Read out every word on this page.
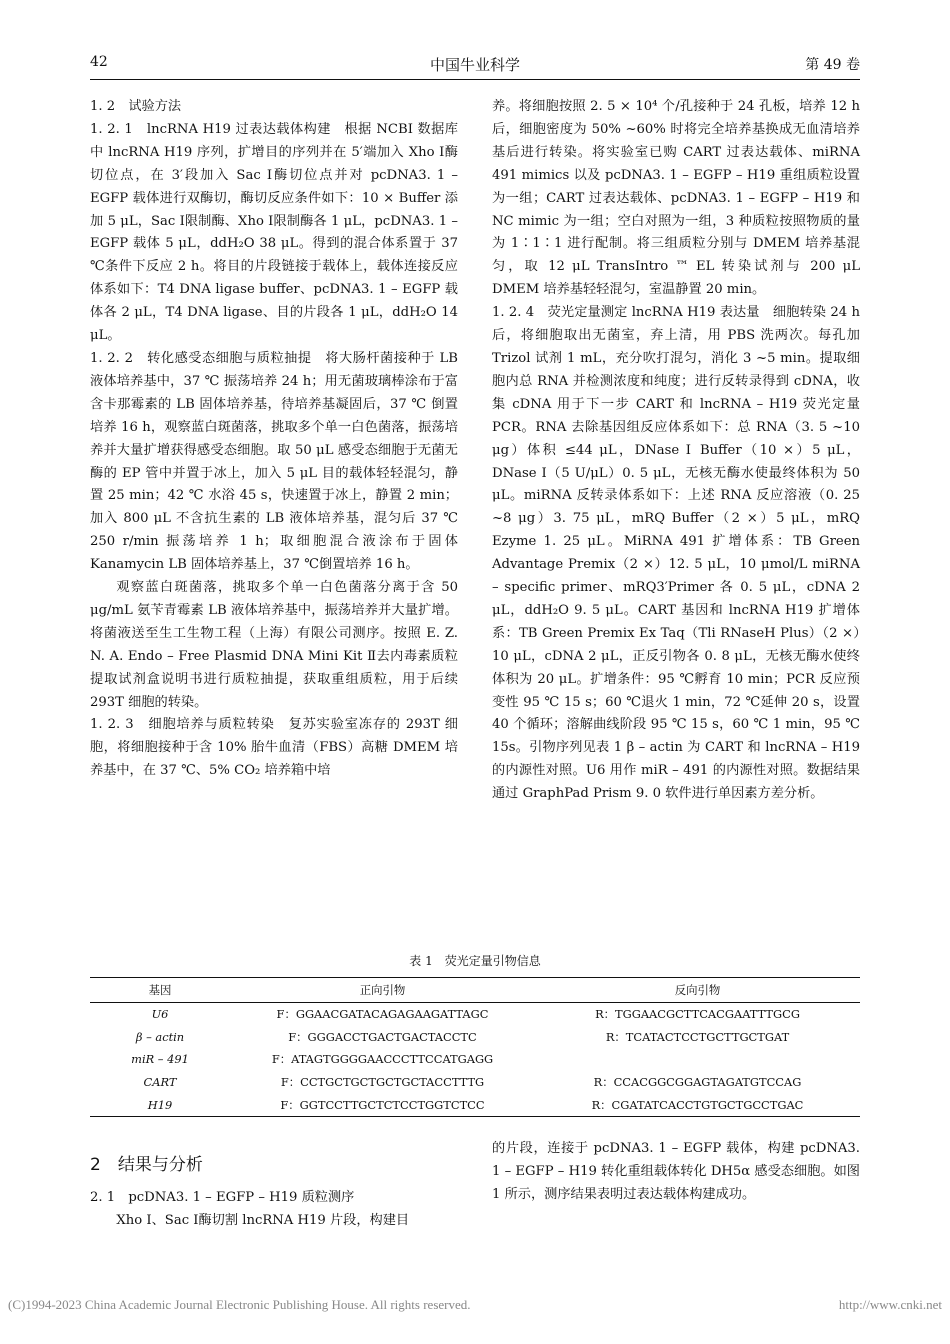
42	中国牛业科学	第 49 卷

1. 2　试验方法

1. 2. 1　lncRNA H19 过表达载体构建　根据 NCBI 数据库中 lncRNA H19 序列，扩增目的序列并在 5′端加入 Xho Ⅰ酶切位点，在 3′段加入 Sac Ⅰ酶切位点并对 pcDNA3. 1 – EGFP 载体进行双酶切，酶切反应条件如下：10 × Buffer 添加 5 μL，Sac Ⅰ限制酶、Xho Ⅰ限制酶各 1 μL，pcDNA3. 1 – EGFP 载体 5 μL，ddH₂O 38 μL。得到的混合体系置于 37 ℃条件下反应 2 h。将目的片段链接于载体上，载体连接反应体系如下：T4 DNA ligase buffer、pcDNA3. 1 – EGFP 载体各 2 μL，T4 DNA ligase、目的片段各 1 μL，ddH₂O 14 μL。

1. 2. 2　转化感受态细胞与质粒抽提　将大肠杆菌接种于 LB 液体培养基中，37 ℃ 振荡培养 24 h；用无菌玻璃棒涂布于富含卡那霉素的 LB 固体培养基，待培养基凝固后，37 ℃ 倒置培养 16 h，观察蓝白斑菌落，挑取多个单一白色菌落，振荡培养并大量扩增获得感受态细胞。取 50 μL 感受态细胞于无菌无酶的 EP 管中并置于冰上，加入 5 μL 目的载体轻轻混匀，静置 25 min；42 ℃ 水浴 45 s，快速置于冰上，静置 2 min；加入 800 μL 不含抗生素的 LB 液体培养基，混匀后 37 ℃ 250 r/min 振荡培养 1 h；取细胞混合液涂布于固体 Kanamycin LB 固体培养基上，37 ℃倒置培养 16 h。

观察蓝白斑菌落，挑取多个单一白色菌落分离于含 50 μg/mL 氨苄青霉素 LB 液体培养基中，振荡培养并大量扩增。将菌液送至生工生物工程（上海）有限公司测序。按照 E. Z. N. A. Endo – Free Plasmid DNA Mini Kit Ⅱ去内毒素质粒提取试剂盒说明书进行质粒抽提，获取重组质粒，用于后续 293T 细胞的转染。

1. 2. 3　细胞培养与质粒转染　复苏实验室冻存的 293T 细胞，将细胞接种于含 10% 胎牛血清（FBS）高糖 DMEM 培养基中，在 37 ℃、5% CO₂ 培养箱中培

养。将细胞按照 2. 5 × 10⁴ 个/孔接种于 24 孔板，培养 12 h 后，细胞密度为 50% ~60% 时将完全培养基换成无血清培养基后进行转染。将实验室已购 CART 过表达载体、miRNA 491 mimics 以及 pcDNA3. 1 – EGFP – H19 重组质粒设置为一组；CART 过表达载体、pcDNA3. 1 – EGFP – H19 和 NC mimic 为一组；空白对照为一组，3 种质粒按照物质的量为 1∶1∶1 进行配制。将三组质粒分别与 DMEM 培养基混匀，取 12 μL TransIntro ™ EL 转染试剂与 200 μL DMEM 培养基轻轻混匀，室温静置 20 min。

1. 2. 4　荧光定量测定 lncRNA H19 表达量　细胞转染 24 h 后，将细胞取出无菌室，弃上清，用 PBS 洗两次。每孔加 Trizol 试剂 1 mL，充分吹打混匀，消化 3 ~5 min。提取细胞内总 RNA 并检测浓度和纯度；进行反转录得到 cDNA，收集 cDNA 用于下一步 CART 和 lncRNA – H19 荧光定量 PCR。RNA 去除基因组反应体系如下：总 RNA（3. 5 ~10 μg）体积 ≤44 μL，DNase Ⅰ Buffer（10 ×）5 μL，DNase Ⅰ（5 U/μL）0. 5 μL，无核无酶水使最终体积为 50 μL。miRNA 反转录体系如下：上述 RNA 反应溶液（0. 25 ~8 μg）3. 75 μL，mRQ Buffer（2 ×）5 μL，mRQ Ezyme 1. 25 μL。MiRNA 491 扩增体系：TB Green Advantage Premix（2 ×）12. 5 μL，10 μmol/L miRNA – specific primer、mRQ3′Primer 各 0. 5 μL，cDNA 2 μL，ddH₂O 9. 5 μL。CART 基因和 lncRNA H19 扩增体系：TB Green Premix Ex Taq（Tli RNaseH Plus）（2 ×）10 μL，cDNA 2 μL，正反引物各 0. 8 μL，无核无酶水使终体积为 20 μL。扩增条件：95 ℃孵育 10 min；PCR 反应预变性 95 ℃ 15 s；60 ℃退火 1 min，72 ℃延伸 20 s，设置 40 个循环；溶解曲线阶段 95 ℃ 15 s，60 ℃ 1 min，95 ℃ 15s。引物序列见表 1 β – actin 为 CART 和 lncRNA – H19 的内源性对照。U6 用作 miR – 491 的内源性对照。数据结果通过 GraphPad Prism 9. 0 软件进行单因素方差分析。

表 1　荧光定量引物信息
基因	正向引物	反向引物
U6	F：GGAACGATACAGAGAAGATTAGC	R：TGGAACGCTTCACGAATTTGCG
β – actin	F：GGGACCTGACTGACTACCTC	R：TCATACTCCTGCTTGCTGAT
miR – 491	F：ATAGTGGGGAACCCTTCCATGAGG	
CART	F：CCTGCTGCTGCTGCTACCTTTG	R：CCACGGCGGAGTAGATGTCCAG
H19	F：GGTCCTTGCTCTCCTGGTCTCC	R：CGATATCACCTGTGCTGCCTGAC
2　结果与分析

2. 1　pcDNA3. 1 – EGFP – H19 质粒测序

Xho Ⅰ、Sac Ⅰ酶切割 lncRNA H19 片段，构建目

的片段，连接于 pcDNA3. 1 – EGFP 载体，构建 pcDNA3. 1 – EGFP – H19 转化重组载体转化 DH5α 感受态细胞。如图 1 所示，测序结果表明过表达载体构建成功。

(C)1994-2023 China Academic Journal Electronic Publishing House. All rights reserved.	http://www.cnki.net
